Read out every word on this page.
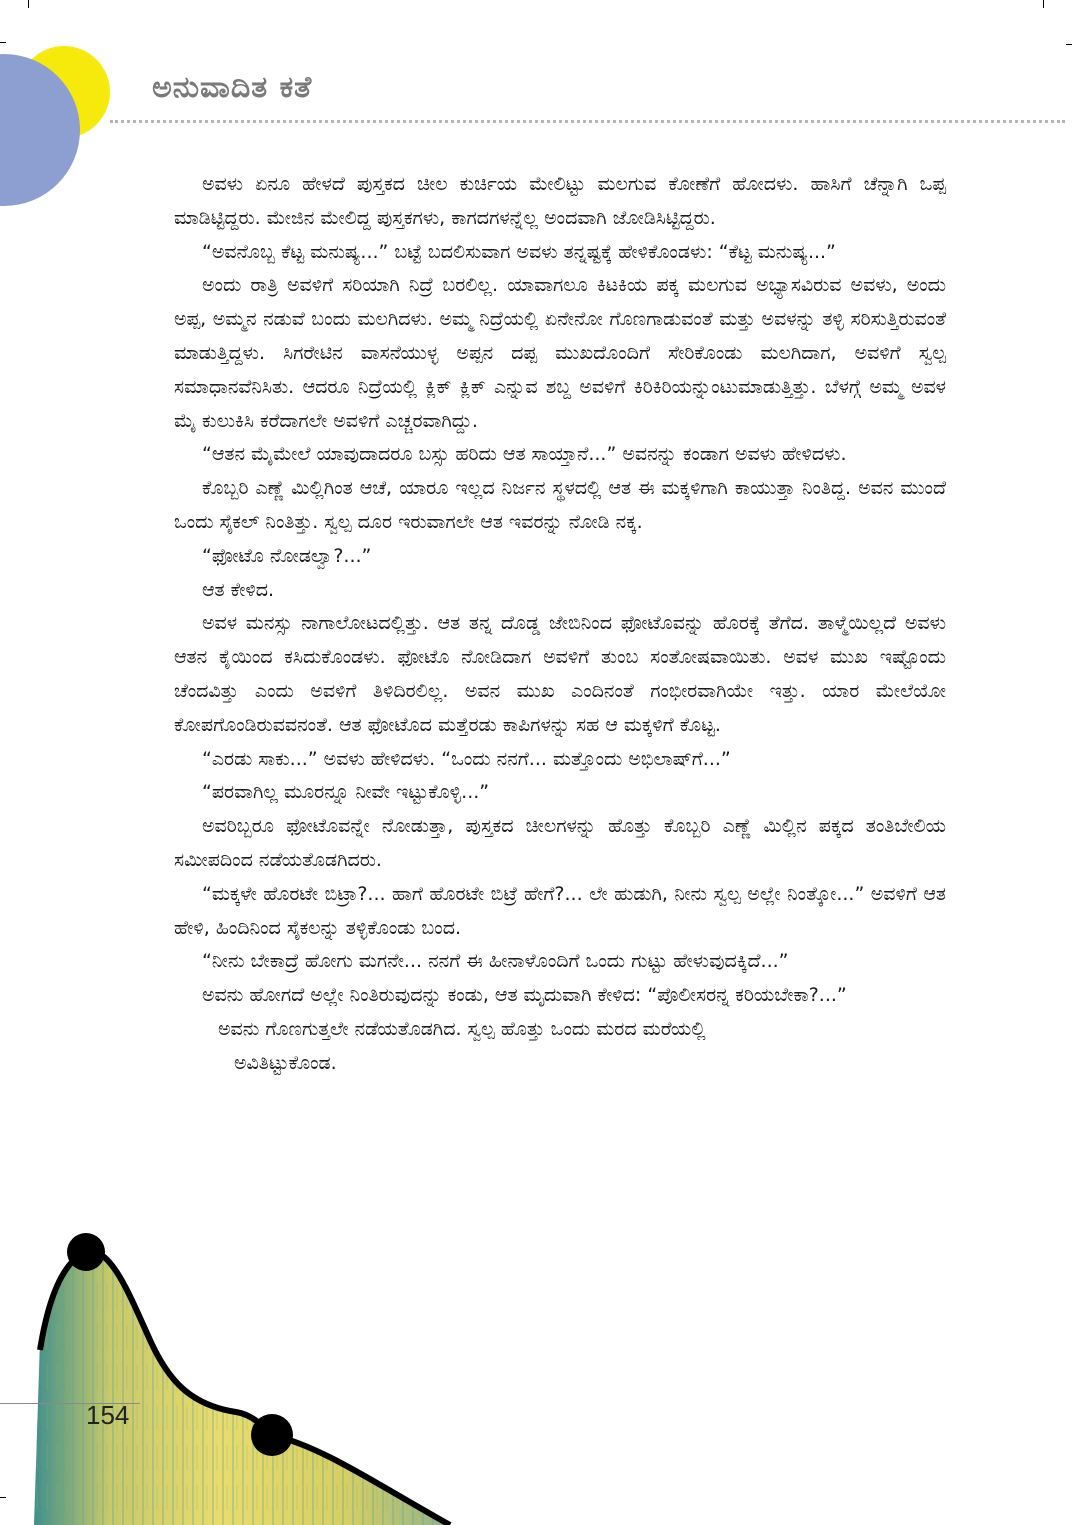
ಅನುವಾದಿತ ಕತೆ

ಅವಳು ಏನೂ ಹೇಳದೆ ಪುಸ್ತಕದ ಚೀಲ ಕುರ್ಚಿಯ ಮೇಲಿಟ್ಟು ಮಲಗುವ ಕೋಣೆಗೆ ಹೋದಳು. ಹಾಸಿಗೆ ಚೆನ್ನಾಗಿ ಒಪ್ಪ ಮಾಡಿಟ್ಟಿದ್ದರು. ಮೇಜಿನ ಮೇಲಿದ್ದ ಪುಸ್ತಕಗಳು, ಕಾಗದಗಳನ್ನೆಲ್ಲ ಅಂದವಾಗಿ ಜೋಡಿಸಿಟ್ಟಿದ್ದರು.

“ಅವನೊಬ್ಬ ಕೆಟ್ಟ ಮನುಷ್ಯ...” ಬಟ್ಟೆ ಬದಲಿಸುವಾಗ ಅವಳು ತನ್ನಷ್ಟಕ್ಕೆ ಹೇಳಿಕೊಂಡಳು: “ಕೆಟ್ಟ ಮನುಷ್ಯ...”

ಅಂದು ರಾತ್ರಿ ಅವಳಿಗೆ ಸರಿಯಾಗಿ ನಿದ್ರೆ ಬರಲಿಲ್ಲ. ಯಾವಾಗಲೂ ಕಿಟಕಿಯ ಪಕ್ಕ ಮಲಗುವ ಅಭ್ಯಾಸವಿರುವ ಅವಳು, ಅಂದು ಅಪ್ಪ, ಅಮ್ಮನ ನಡುವೆ ಬಂದು ಮಲಗಿದಳು. ಅಮ್ಮ ನಿದ್ರೆಯಲ್ಲಿ ಏನೇನೋ ಗೊಣಗಾಡುವಂತೆ ಮತ್ತು ಅವಳನ್ನು ತಳ್ಳಿ ಸರಿಸುತ್ತಿರುವಂತೆ ಮಾಡುತ್ತಿದ್ದಳು. ಸಿಗರೇಟಿನ ವಾಸನೆಯುಳ್ಳ ಅಪ್ಪನ ದಪ್ಪ ಮುಖದೊಂದಿಗೆ ಸೇರಿಕೊಂಡು ಮಲಗಿದಾಗ, ಅವಳಿಗೆ ಸ್ವಲ್ಪ ಸಮಾಧಾನವೆನಿಸಿತು. ಆದರೂ ನಿದ್ರೆಯಲ್ಲಿ ಕ್ಲಿಕ್ ಕ್ಲಿಕ್ ಎನ್ನುವ ಶಬ್ದ ಅವಳಿಗೆ ಕಿರಿಕಿರಿಯನ್ನುಂಟುಮಾಡುತ್ತಿತ್ತು. ಬೆಳಗ್ಗೆ ಅಮ್ಮ ಅವಳ ಮೈ ಕುಲುಕಿಸಿ ಕರೆದಾಗಲೇ ಅವಳಿಗೆ ಎಚ್ಚರವಾಗಿದ್ದು.

“ಆತನ ಮೈಮೇಲೆ ಯಾವುದಾದರೂ ಬಸ್ಸು ಹರಿದು ಆತ ಸಾಯ್ತಾನೆ...” ಅವನನ್ನು ಕಂಡಾಗ ಅವಳು ಹೇಳಿದಳು.

ಕೊಬ್ಬರಿ ಎಣ್ಣೆ ಮಿಲ್ಲಿಗಿಂತ ಆಚೆ, ಯಾರೂ ಇಲ್ಲದ ನಿರ್ಜನ ಸ್ಥಳದಲ್ಲಿ ಆತ ಈ ಮಕ್ಕಳಿಗಾಗಿ ಕಾಯುತ್ತಾ ನಿಂತಿದ್ದ. ಅವನ ಮುಂದೆ ಒಂದು ಸೈಕಲ್ ನಿಂತಿತ್ತು. ಸ್ವಲ್ಪ ದೂರ ಇರುವಾಗಲೇ ಆತ ಇವರನ್ನು ನೋಡಿ ನಕ್ಕ.

“ಫೋಟೊ ನೋಡಲ್ವಾ?...”

ಆತ ಕೇಳಿದ.

ಅವಳ ಮನಸ್ಸು ನಾಗಾಲೋಟದಲ್ಲಿತ್ತು. ಆತ ತನ್ನ ದೊಡ್ಡ ಜೇಬಿನಿಂದ ಫೋಟೊವನ್ನು ಹೊರಕ್ಕೆ ತೆಗೆದ. ತಾಳ್ಮೆಯಿಲ್ಲದೆ ಅವಳು ಆತನ ಕೈಯಿಂದ ಕಸಿದುಕೊಂಡಳು. ಫೋಟೊ ನೋಡಿದಾಗ ಅವಳಿಗೆ ತುಂಬ ಸಂತೋಷವಾಯಿತು. ಅವಳ ಮುಖ ಇಷ್ಟೊಂದು ಚೆಂದವಿತ್ತು ಎಂದು ಅವಳಿಗೆ ತಿಳಿದಿರಲಿಲ್ಲ. ಅವನ ಮುಖ ಎಂದಿನಂತೆ ಗಂಭೀರವಾಗಿಯೇ ಇತ್ತು. ಯಾರ ಮೇಲೆಯೋ ಕೋಪಗೊಂಡಿರುವವನಂತೆ. ಆತ ಫೋಟೊದ ಮತ್ತೆರಡು ಕಾಪಿಗಳನ್ನು ಸಹ ಆ ಮಕ್ಕಳಿಗೆ ಕೊಟ್ಟ.

“ಎರಡು ಸಾಕು...” ಅವಳು ಹೇಳಿದಳು. “ಒಂದು ನನಗೆ... ಮತ್ತೊಂದು ಅಭಿಲಾಷ್‌ಗೆ...”

“ಪರವಾಗಿಲ್ಲ ಮೂರನ್ನೂ ನೀವೇ ಇಟ್ಟುಕೊಳ್ಳಿ...”

ಅವರಿಬ್ಬರೂ ಫೋಟೊವನ್ನೇ ನೋಡುತ್ತಾ, ಪುಸ್ತಕದ ಚೀಲಗಳನ್ನು ಹೊತ್ತು ಕೊಬ್ಬರಿ ಎಣ್ಣೆ ಮಿಲ್ಲಿನ ಪಕ್ಕದ ತಂತಿಬೇಲಿಯ ಸಮೀಪದಿಂದ ನಡೆಯತೊಡಗಿದರು.

“ಮಕ್ಕಳೇ ಹೊರಟೇ ಬಿಟ್ರಾ?... ಹಾಗೆ ಹೊರಟೇ ಬಿಟ್ರೆ ಹೇಗೆ?... ಲೇ ಹುಡುಗಿ, ನೀನು ಸ್ವಲ್ಪ ಅಲ್ಲೇ ನಿಂತ್ಕೋ...” ಅವಳಿಗೆ ಆತ ಹೇಳಿ, ಹಿಂದಿನಿಂದ ಸೈಕಲನ್ನು ತಳ್ಳಿಕೊಂಡು ಬಂದ.

“ನೀನು ಬೇಕಾದ್ರೆ ಹೋಗು ಮಗನೇ... ನನಗೆ ಈ ಹೀನಾಳೊಂದಿಗೆ ಒಂದು ಗುಟ್ಟು ಹೇಳುವುದಕ್ಕಿದೆ...”

ಅವನು ಹೋಗದೆ ಅಲ್ಲೇ ನಿಂತಿರುವುದನ್ನು ಕಂಡು, ಆತ ಮೃದುವಾಗಿ ಕೇಳಿದ: “ಪೊಲೀಸರನ್ನ ಕರಿಯಬೇಕಾ?...”

ಅವನು ಗೊಣಗುತ್ತಲೇ ನಡೆಯತೊಡಗಿದ. ಸ್ವಲ್ಪ ಹೊತ್ತು ಒಂದು ಮರದ ಮರೆಯಲ್ಲಿ
ಅವಿತಿಟ್ಟುಕೊಂಡ.

154
